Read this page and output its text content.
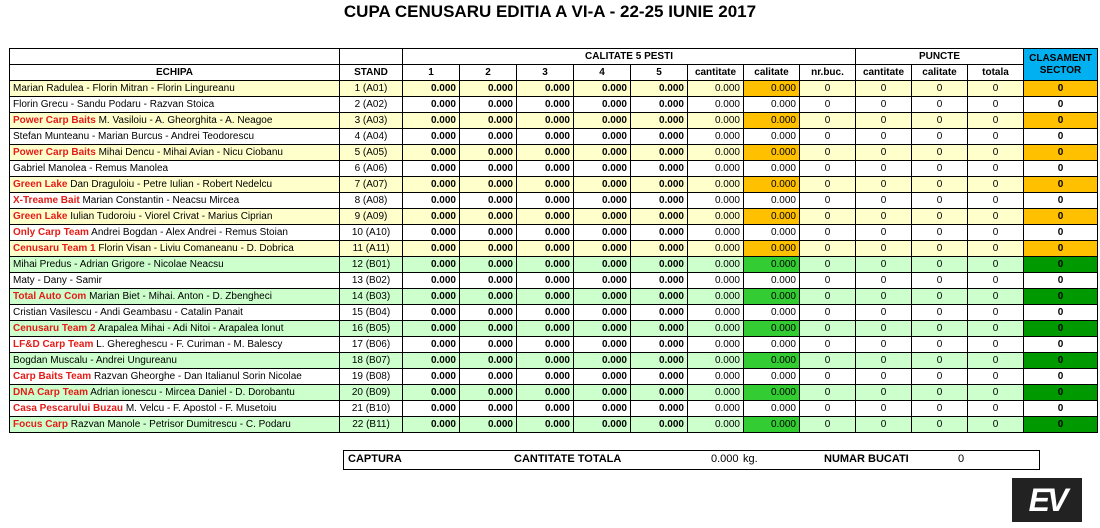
CUPA CENUSARU EDITIA A VI-A - 22-25 IUNIE 2017
		CALITATE 5 PESTI								PUNCTE			CLASAMENT SECTOR
ECHIPA	STAND	1	2	3	4	5	cantitate	calitate	nr.buc.	cantitate	calitate	totala	
Marian Radulea - Florin Mitran - Florin Lingureanu	1 (A01)	0.000	0.000	0.000	0.000	0.000	0.000	0.000	0	0	0	0	0
Florin Grecu - Sandu Podaru - Razvan Stoica	2 (A02)	0.000	0.000	0.000	0.000	0.000	0.000	0.000	0	0	0	0	0
Power Carp Baits M. Vasiloiu - A. Gheorghita - A. Neagoe	3 (A03)	0.000	0.000	0.000	0.000	0.000	0.000	0.000	0	0	0	0	0
Stefan Munteanu - Marian Burcus - Andrei Teodorescu	4 (A04)	0.000	0.000	0.000	0.000	0.000	0.000	0.000	0	0	0	0	0
Power Carp Baits Mihai Dencu - Mihai Avian - Nicu Ciobanu	5 (A05)	0.000	0.000	0.000	0.000	0.000	0.000	0.000	0	0	0	0	0
Gabriel Manolea - Remus Manolea	6 (A06)	0.000	0.000	0.000	0.000	0.000	0.000	0.000	0	0	0	0	0
Green Lake Dan Draguloiu - Petre Iulian - Robert Nedelcu	7 (A07)	0.000	0.000	0.000	0.000	0.000	0.000	0.000	0	0	0	0	0
X-Treame Bait Marian Constantin - Neacsu Mircea	8 (A08)	0.000	0.000	0.000	0.000	0.000	0.000	0.000	0	0	0	0	0
Green Lake Iulian Tudoroiu - Viorel Crivat - Marius Ciprian	9 (A09)	0.000	0.000	0.000	0.000	0.000	0.000	0.000	0	0	0	0	0
Only Carp Team Andrei Bogdan - Alex Andrei - Remus Stoian	10 (A10)	0.000	0.000	0.000	0.000	0.000	0.000	0.000	0	0	0	0	0
Cenusaru Team 1 Florin Visan - Liviu Comaneanu - D. Dobrica	11 (A11)	0.000	0.000	0.000	0.000	0.000	0.000	0.000	0	0	0	0	0
Mihai Predus - Adrian Grigore - Nicolae Neacsu	12 (B01)	0.000	0.000	0.000	0.000	0.000	0.000	0.000	0	0	0	0	0
Maty - Dany - Samir	13 (B02)	0.000	0.000	0.000	0.000	0.000	0.000	0.000	0	0	0	0	0
Total Auto Com Marian Biet - Mihai. Anton - D. Zbengheci	14 (B03)	0.000	0.000	0.000	0.000	0.000	0.000	0.000	0	0	0	0	0
Cristian Vasilescu - Andi Geambasu - Catalin Panait	15 (B04)	0.000	0.000	0.000	0.000	0.000	0.000	0.000	0	0	0	0	0
Cenusaru Team 2 Arapalea Mihai - Adi Nitoi - Arapalea Ionut	16 (B05)	0.000	0.000	0.000	0.000	0.000	0.000	0.000	0	0	0	0	0
LF&D Carp Team L. Ghereghescu - F. Curiman - M. Balescy	17 (B06)	0.000	0.000	0.000	0.000	0.000	0.000	0.000	0	0	0	0	0
Bogdan Muscalu - Andrei Ungureanu	18 (B07)	0.000	0.000	0.000	0.000	0.000	0.000	0.000	0	0	0	0	0
Carp Baits Team Razvan Gheorghe - Dan Italianul Sorin Nicolae	19 (B08)	0.000	0.000	0.000	0.000	0.000	0.000	0.000	0	0	0	0	0
DNA Carp Team Adrian ionescu - Mircea Daniel - D. Dorobantu	20 (B09)	0.000	0.000	0.000	0.000	0.000	0.000	0.000	0	0	0	0	0
Casa Pescarului Buzau M. Velcu - F. Apostol - F. Musetoiu	21 (B10)	0.000	0.000	0.000	0.000	0.000	0.000	0.000	0	0	0	0	0
Focus Carp Razvan Manole - Petrisor Dumitrescu - C. Podaru	22 (B11)	0.000	0.000	0.000	0.000	0.000	0.000	0.000	0	0	0	0	0
CAPTURA	CANTITATE TOTALA	0.000 kg.	NUMAR BUCATI	0
EV
